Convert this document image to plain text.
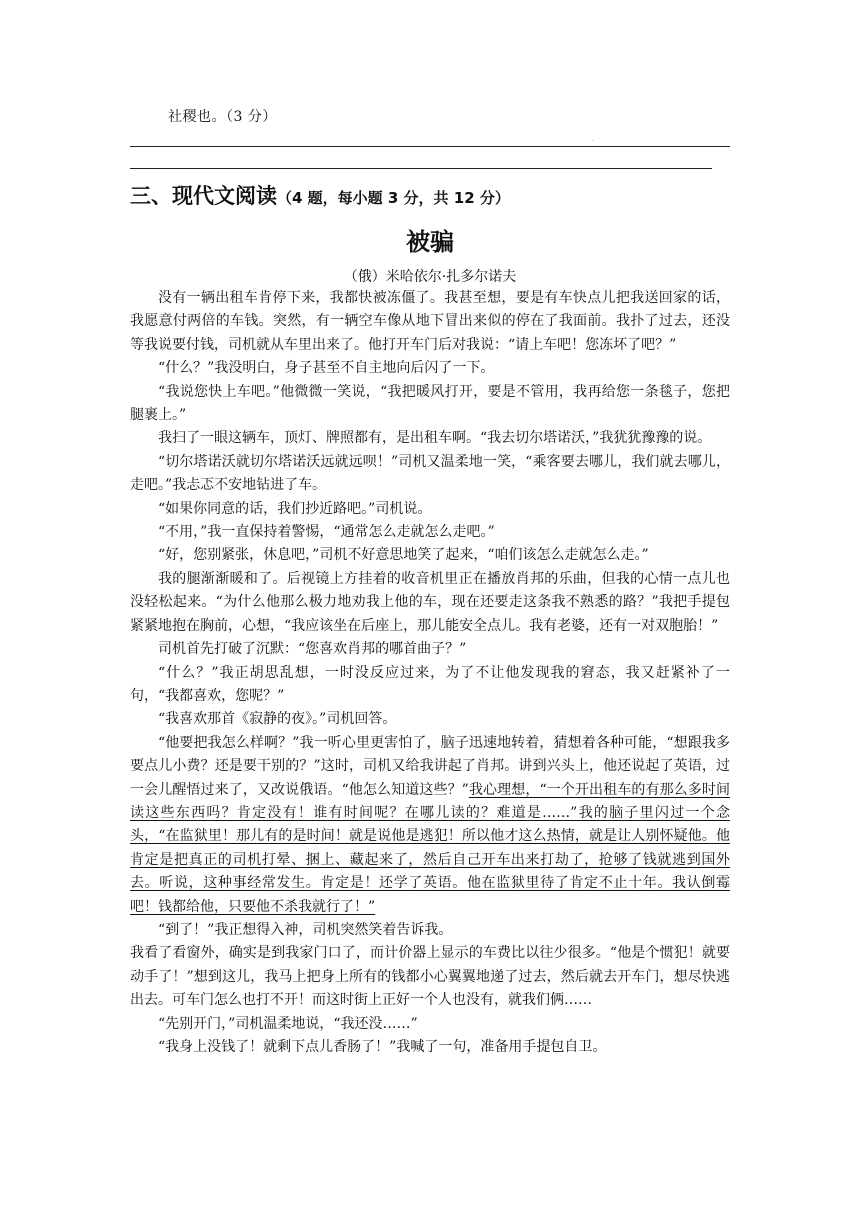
社稷也。（3 分）
·
三、现代文阅读（4 题，每小题 3 分，共 12 分）
被骗
（俄）米哈依尔·扎多尔诺夫

没有一辆出租车肯停下来，我都快被冻僵了。我甚至想，要是有车快点儿把我送回家的话，我愿意付两倍的车钱。突然，有一辆空车像从地下冒出来似的停在了我面前。我扑了过去，还没等我说要付钱，司机就从车里出来了。他打开车门后对我说：“请上车吧！您冻坏了吧？”

“什么？”我没明白，身子甚至不自主地向后闪了一下。

“我说您快上车吧。”他微微一笑说，“我把暖风打开，要是不管用，我再给您一条毯子，您把腿裹上。”

我扫了一眼这辆车，顶灯、牌照都有，是出租车啊。“我去切尔塔诺沃，”我犹犹豫豫的说。

“切尔塔诺沃就切尔塔诺沃远就远呗！”司机又温柔地一笑，“乘客要去哪儿，我们就去哪儿，走吧。”我忐忑不安地钻进了车。

“如果你同意的话，我们抄近路吧。”司机说。

“不用，”我一直保持着警惕，“通常怎么走就怎么走吧。”

“好，您别紧张，休息吧，”司机不好意思地笑了起来，“咱们该怎么走就怎么走。”

我的腿渐渐暖和了。后视镜上方挂着的收音机里正在播放肖邦的乐曲，但我的心情一点儿也没轻松起来。“为什么他那么极力地劝我上他的车，现在还要走这条我不熟悉的路？”我把手提包紧紧地抱在胸前，心想，“我应该坐在后座上，那儿能安全点儿。我有老婆，还有一对双胞胎！”

司机首先打破了沉默：“您喜欢肖邦的哪首曲子？”

“什么？”我正胡思乱想，一时没反应过来，为了不让他发现我的窘态，我又赶紧补了一句，“我都喜欢，您呢？”

“我喜欢那首《寂静的夜》。”司机回答。

“他要把我怎么样啊？”我一听心里更害怕了，脑子迅速地转着，猜想着各种可能，“想跟我多要点儿小费？还是要干别的？”这时，司机又给我讲起了肖邦。讲到兴头上，他还说起了英语，过一会儿醒悟过来了，又改说俄语。“他怎么知道这些？”我心理想，“一个开出租车的有那么多时间读这些东西吗？肯定没有！谁有时间呢？在哪儿读的？难道是……”我的脑子里闪过一个念头，“在监狱里！那儿有的是时间！就是说他是逃犯！所以他才这么热情，就是让人别怀疑他。他肯定是把真正的司机打晕、捆上、藏起来了，然后自己开车出来打劫了，抢够了钱就逃到国外去。听说，这种事经常发生。肯定是！还学了英语。他在监狱里待了肯定不止十年。我认倒霉吧！钱都给他，只要他不杀我就行了！”

“到了！”我正想得入神，司机突然笑着告诉我。

我看了看窗外，确实是到我家门口了，而计价器上显示的车费比以往少很多。“他是个惯犯！就要动手了！”想到这儿，我马上把身上所有的钱都小心翼翼地递了过去，然后就去开车门，想尽快逃出去。可车门怎么也打不开！而这时街上正好一个人也没有，就我们俩……

“先别开门，”司机温柔地说，“我还没……”

“我身上没钱了！就剩下点儿香肠了！”我喊了一句，准备用手提包自卫。
